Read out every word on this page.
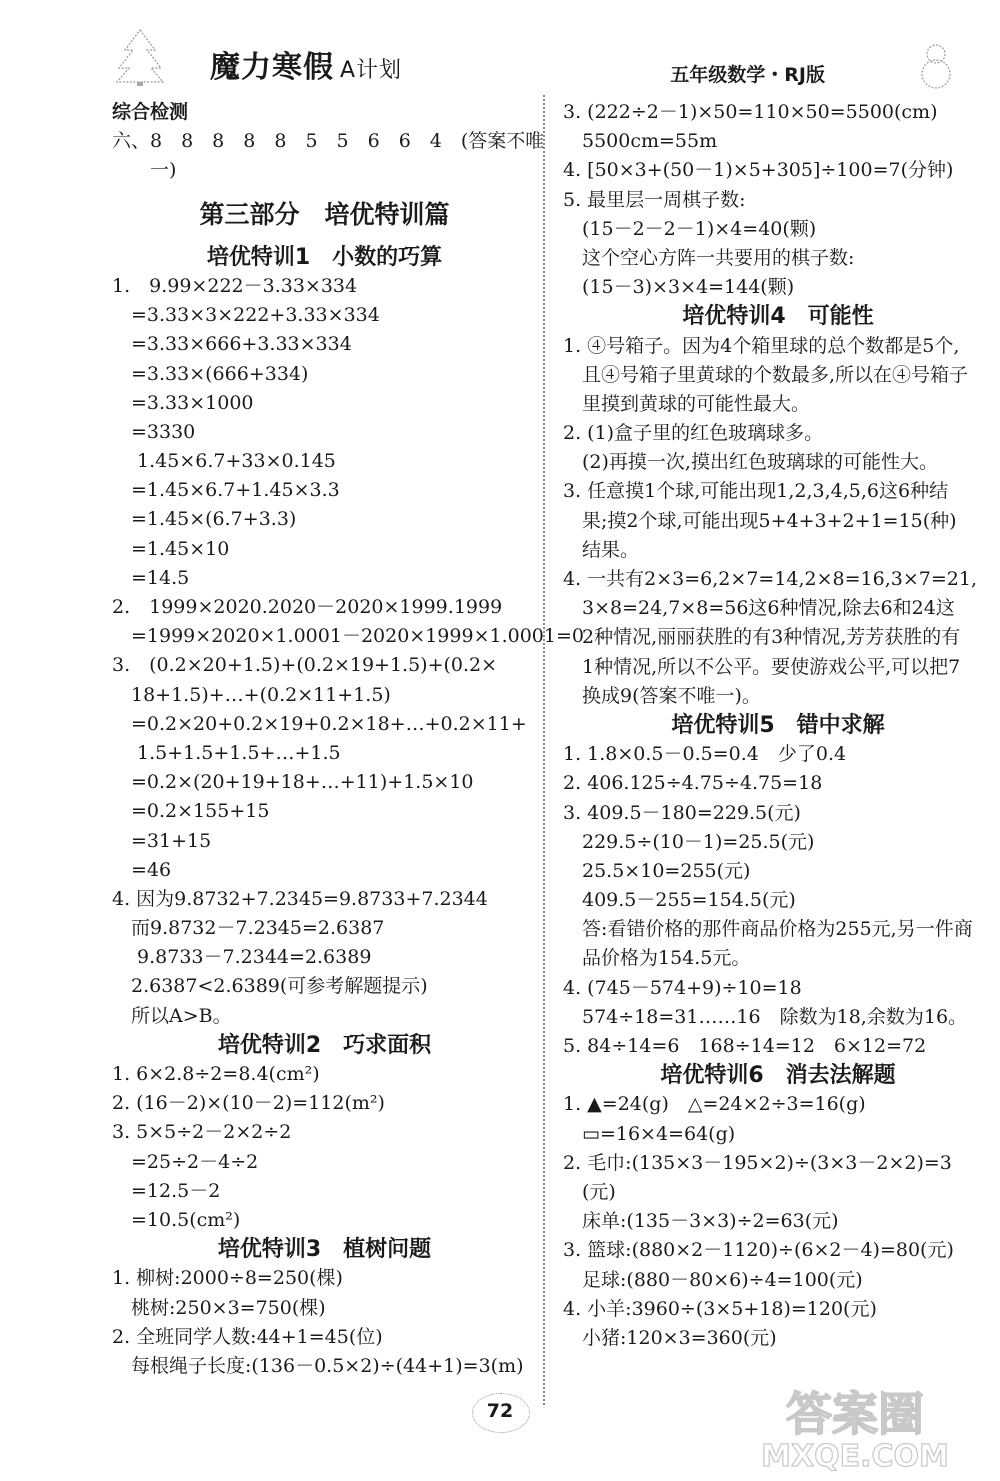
魔力寒假 A计划	五年级数学・RJ版
综合检测
六、8　8　8　8　8　5　5　6　6　4　(答案不唯
　　一)
第三部分　培优特训篇
培优特训1　小数的巧算
1.　9.99×222－3.33×334
　=3.33×3×222+3.33×334
　=3.33×666+3.33×334
　=3.33×(666+334)
　=3.33×1000
　=3330
　 1.45×6.7+33×0.145
　=1.45×6.7+1.45×3.3
　=1.45×(6.7+3.3)
　=1.45×10
　=14.5
2.　1999×2020.2020－2020×1999.1999
　=1999×2020×1.0001－2020×1999×1.0001=0
3.　(0.2×20+1.5)+(0.2×19+1.5)+(0.2×
　18+1.5)+…+(0.2×11+1.5)
　=0.2×20+0.2×19+0.2×18+…+0.2×11+
　 1.5+1.5+1.5+…+1.5
　=0.2×(20+19+18+…+11)+1.5×10
　=0.2×155+15
　=31+15
　=46
4. 因为9.8732+7.2345=9.8733+7.2344
　而9.8732－7.2345=2.6387
　 9.8733－7.2344=2.6389
　2.6387<2.6389(可参考解题提示)
　所以A>B。
培优特训2　巧求面积
1. 6×2.8÷2=8.4(cm²)
2. (16－2)×(10－2)=112(m²)
3. 5×5÷2－2×2÷2
　=25÷2－4÷2
　=12.5－2
　=10.5(cm²)
培优特训3　植树问题
1. 柳树:2000÷8=250(棵)
　桃树:250×3=750(棵)
2. 全班同学人数:44+1=45(位)
　每根绳子长度:(136－0.5×2)÷(44+1)=3(m)
3. (222÷2－1)×50=110×50=5500(cm)
　5500cm=55m
4. [50×3+(50－1)×5+305]÷100=7(分钟)
5. 最里层一周棋子数:
　(15－2－2－1)×4=40(颗)
　这个空心方阵一共要用的棋子数:
　(15－3)×3×4=144(颗)
培优特训4　可能性
1. ④号箱子。因为4个箱里球的总个数都是5个,
　且④号箱子里黄球的个数最多,所以在④号箱子
　里摸到黄球的可能性最大。
2. (1)盒子里的红色玻璃球多。
　(2)再摸一次,摸出红色玻璃球的可能性大。
3. 任意摸1个球,可能出现1,2,3,4,5,6这6种结
　果;摸2个球,可能出现5+4+3+2+1=15(种)
　结果。
4. 一共有2×3=6,2×7=14,2×8=16,3×7=21,
　3×8=24,7×8=56这6种情况,除去6和24这
　2种情况,丽丽获胜的有3种情况,芳芳获胜的有
　1种情况,所以不公平。要使游戏公平,可以把7
　换成9(答案不唯一)。
培优特训5　错中求解
1. 1.8×0.5－0.5=0.4　少了0.4
2. 406.125÷4.75÷4.75=18
3. 409.5－180=229.5(元)
　229.5÷(10－1)=25.5(元)
　25.5×10=255(元)
　409.5－255=154.5(元)
　答:看错价格的那件商品价格为255元,另一件商
　品价格为154.5元。
4. (745－574+9)÷10=18
　574÷18=31……16　除数为18,余数为16。
5. 84÷14=6　168÷14=12　6×12=72
培优特训6　消去法解题
1. ▲=24(g)　△=24×2÷3=16(g)
　▭=16×4=64(g)
2. 毛巾:(135×3－195×2)÷(3×3－2×2)=3
　(元)
　床单:(135－3×3)÷2=63(元)
3. 篮球:(880×2－1120)÷(6×2－4)=80(元)
　足球:(880－80×6)÷4=100(元)
4. 小羊:3960÷(3×5+18)=120(元)
　小猪:120×3=360(元)
72	答案圈
MXQE.COM
